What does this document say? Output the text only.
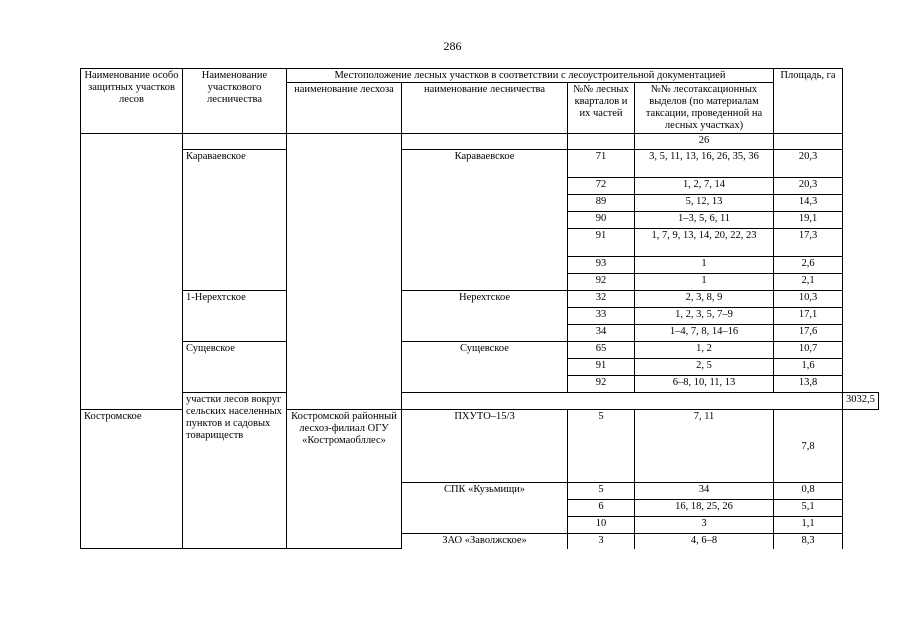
286
Наименование особо защитных участков лесов	Наименование участкового лесничества	Местоположение лесных участков в соответствии с лесоустроительной документацией				Площадь, га	
		наименование лесхоза	наименование лесничества	№№ лесных кварталов и их частей	№№ лесотаксационных выделов (по материалам таксации, проведенной на лесных участках)		
					26		
	Караваевское		Караваевское	71	3, 5, 11, 13, 16, 26, 35, 36	20,3	
				72	1, 2, 7, 14	20,3	
				89	5, 12, 13	14,3	
				90	1–3, 5, 6, 11	19,1	
				91	1, 7, 9, 13, 14, 20, 22, 23	17,3	
				93	1	2,6	
				92	1	2,1	
	1-Нерехтское		Нерехтское	32	2, 3, 8, 9	10,3	
				33	1, 2, 3, 5, 7–9	17,1	
				34	1–4, 7, 8, 14–16	17,6	
	Сущевское		Сущевское	65	1, 2	10,7	
				91	2, 5	1,6	
				92	6–8, 10, 11, 13	13,8	
	участки лесов вокруг сельских населенных пунктов и садовых товариществ						3032,5
Костромское		Костромской районный лесхоз-филиал ОГУ «Костромаобллес»	ПХУТО–15/3	5	7, 11	7,8	
			СПК «Кузьмищи»	5	34	0,8	
				6	16, 18, 25, 26	5,1	
				10	3	1,1	
			ЗАО «Заволжское»	3	4, 6–8	8,3	
